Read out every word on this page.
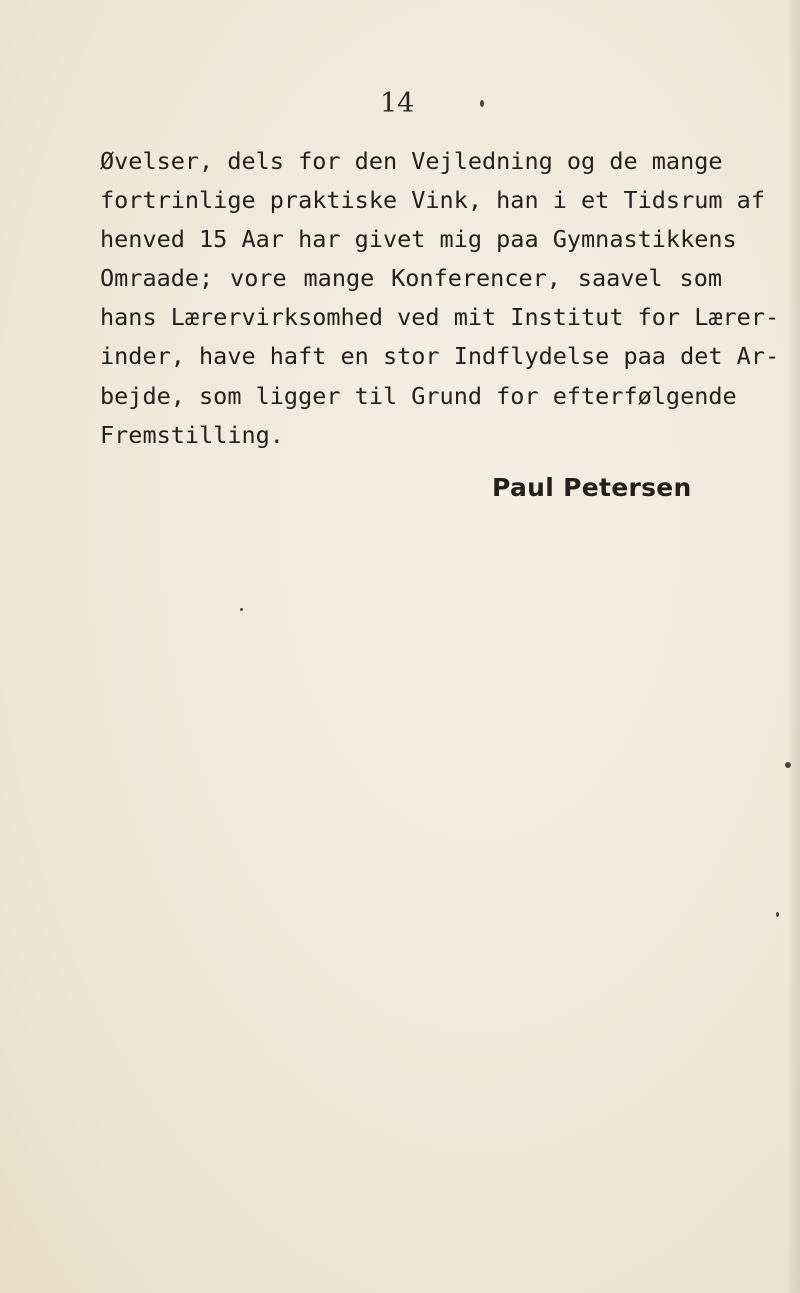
14
Øvelser, dels for den Vejledning og de mange
fortrinlige praktiske Vink, han i et Tidsrum af
henved 15 Aar har givet mig paa Gymnastikkens
Omraade; vore mange Konferencer, saavel som
hans Lærervirksomhed ved mit Institut for Lærer-
inder, have haft en stor Indflydelse paa det Ar-
bejde, som ligger til Grund for efterfølgende
Fremstilling.
Paul Petersen
